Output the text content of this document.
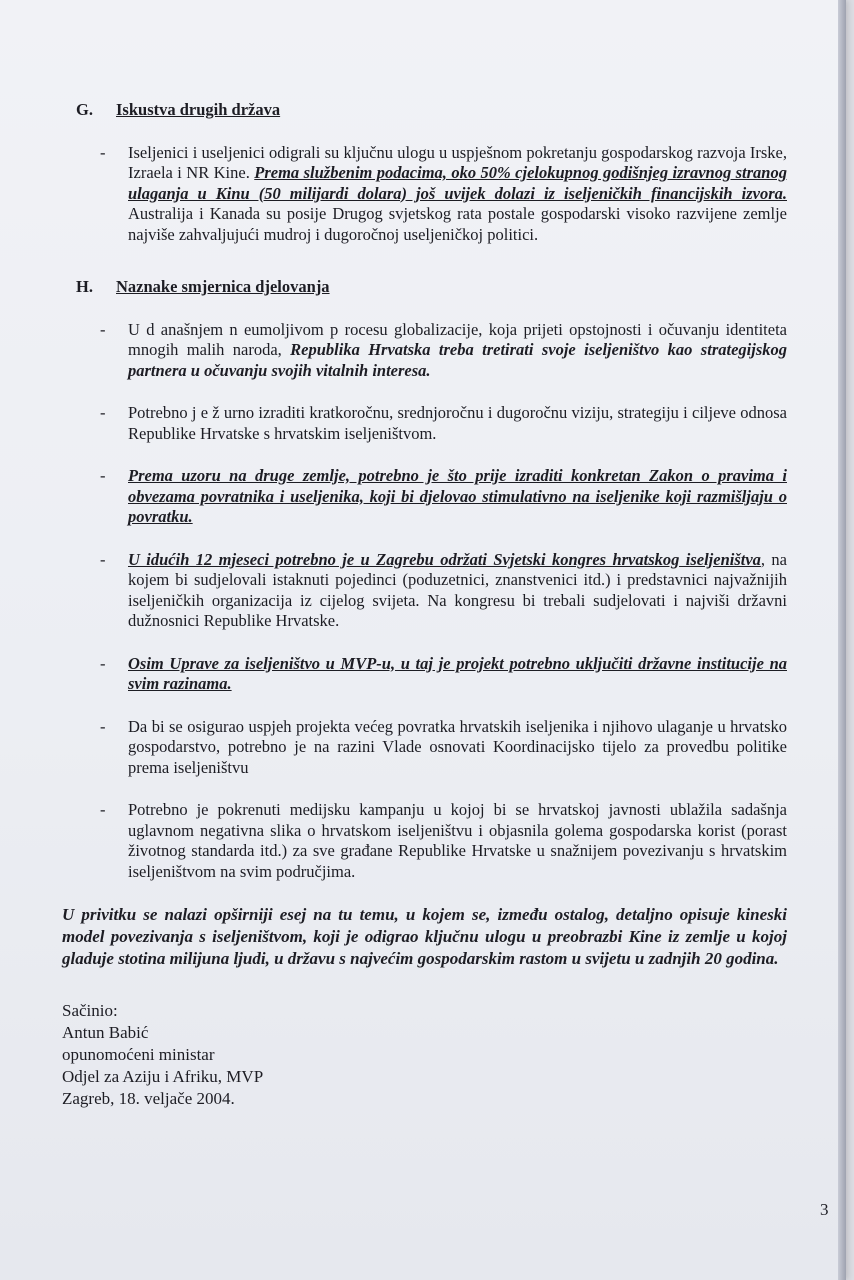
G. Iskustva drugih država
- Iseljenici i useljenici odigrali su ključnu ulogu u uspješnom pokretanju gospodarskog razvoja Irske, Izraela i NR Kine. Prema službenim podacima, oko 50% cjelokupnog godišnjeg izravnog stranog ulaganja u Kinu (50 milijardi dolara) još uvijek dolazi iz iseljeničkih financijskih izvora. Australija i Kanada su posije Drugog svjetskog rata postale gospodarski visoko razvijene zemlje najviše zahvaljujući mudroj i dugoročnoj useljeničkoj politici.
H. Naznake smjernica djelovanja
- U d anašnjem n eumoljivom p rocesu globalizacije, koja prijeti opstojnosti i očuvanju identiteta mnogih malih naroda, Republika Hrvatska treba tretirati svoje iseljeništvo kao strategijskog partnera u očuvanju svojih vitalnih interesa.
- Potrebno j e ž urno izraditi kratkoročnu, srednjoročnu i dugoročnu viziju, strategiju i ciljeve odnosa Republike Hrvatske s hrvatskim iseljeništvom.
- Prema uzoru na druge zemlje, potrebno je što prije izraditi konkretan Zakon o pravima i obvezama povratnika i useljenika, koji bi djelovao stimulativno na iseljenike koji razmišljaju o povratku.
- U idućih 12 mjeseci potrebno je u Zagrebu održati Svjetski kongres hrvatskog iseljeništva, na kojem bi sudjelovali istaknuti pojedinci (poduzetnici, znanstvenici itd.) i predstavnici najvažnijih iseljeničkih organizacija iz cijelog svijeta. Na kongresu bi trebali sudjelovati i najviši državni dužnosnici Republike Hrvatske.
- Osim Uprave za iseljeništvo u MVP-u, u taj je projekt potrebno uključiti državne institucije na svim razinama.
- Da bi se osigurao uspjeh projekta većeg povratka hrvatskih iseljenika i njihovo ulaganje u hrvatsko gospodarstvo, potrebno je na razini Vlade osnovati Koordinacijsko tijelo za provedbu politike prema iseljeništvu
- Potrebno je pokrenuti medijsku kampanju u kojoj bi se hrvatskoj javnosti ublažila sadašnja uglavnom negativna slika o hrvatskom iseljeništvu i objasnila golema gospodarska korist (porast životnog standarda itd.) za sve građane Republike Hrvatske u snažnijem povezivanju s hrvatskim iseljeništvom na svim područjima.
U privitku se nalazi opširniji esej na tu temu, u kojem se, između ostalog, detaljno opisuje kineski model povezivanja s iseljeništvom, koji je odigrao ključnu ulogu u preobrazbi Kine iz zemlje u kojoj gladuje stotina milijuna ljudi, u državu s najvećim gospodarskim rastom u svijetu u zadnjih 20 godina.
Sačinio:
Antun Babić
opunomoćeni ministar
Odjel za Aziju i Afriku, MVP
Zagreb, 18. veljače 2004.
3
